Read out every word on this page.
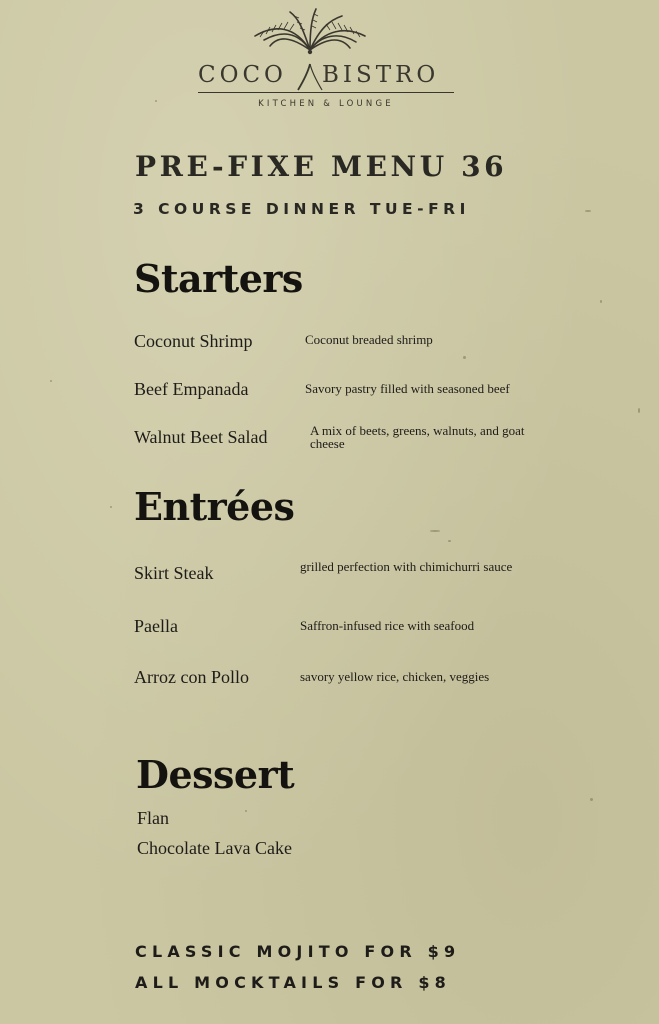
COCO BISTRO
KITCHEN & LOUNGE
PRE-FIXE MENU 36
3 COURSE DINNER TUE-FRI
Starters
Coconut Shrimp	Coconut breaded shrimp
Beef Empanada	Savory pastry filled with seasoned beef
Walnut Beet Salad	A mix of beets, greens, walnuts, and goat cheese
Entrées
Skirt Steak	grilled perfection with chimichurri sauce
Paella	Saffron-infused rice with seafood
Arroz con Pollo	savory yellow rice, chicken, veggies
Dessert
Flan
Chocolate Lava Cake
CLASSIC MOJITO FOR $9
ALL MOCKTAILS FOR $8
